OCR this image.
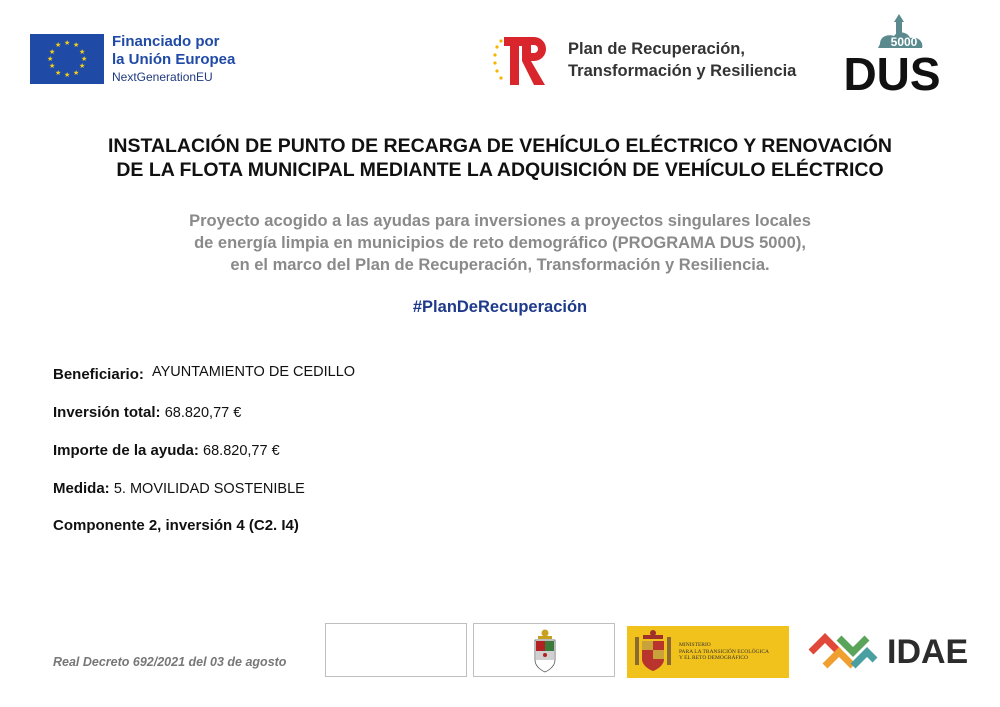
★ ★
★
★
★
★
★
★
★
★
★
★	Financiado por
la Unión Europea
NextGenerationEU
Plan de Recuperación,
Transformación y Resiliencia
5000
DUS
INSTALACIÓN DE PUNTO DE RECARGA DE VEHÍCULO ELÉCTRICO Y RENOVACIÓN
DE LA FLOTA MUNICIPAL MEDIANTE LA ADQUISICIÓN DE VEHÍCULO ELÉCTRICO
Proyecto acogido a las ayudas para inversiones a proyectos singulares locales
de energía limpia en municipios de reto demográfico (PROGRAMA DUS 5000),
en el marco del Plan de Recuperación, Transformación y Resiliencia.
#PlanDeRecuperación
Beneficiario: AYUNTAMIENTO DE CEDILLO
Inversión total: 68.820,77 €
Importe de la ayuda: 68.820,77 €
Medida: 5. MOVILIDAD SOSTENIBLE
Componente 2, inversión 4 (C2. I4)
Real Decreto 692/2021 del 03 de agosto
MINISTERIO
PARA LA TRANSICIÓN ECOLÓGICA
Y EL RETO DEMOGRÁFICO	IDAE
